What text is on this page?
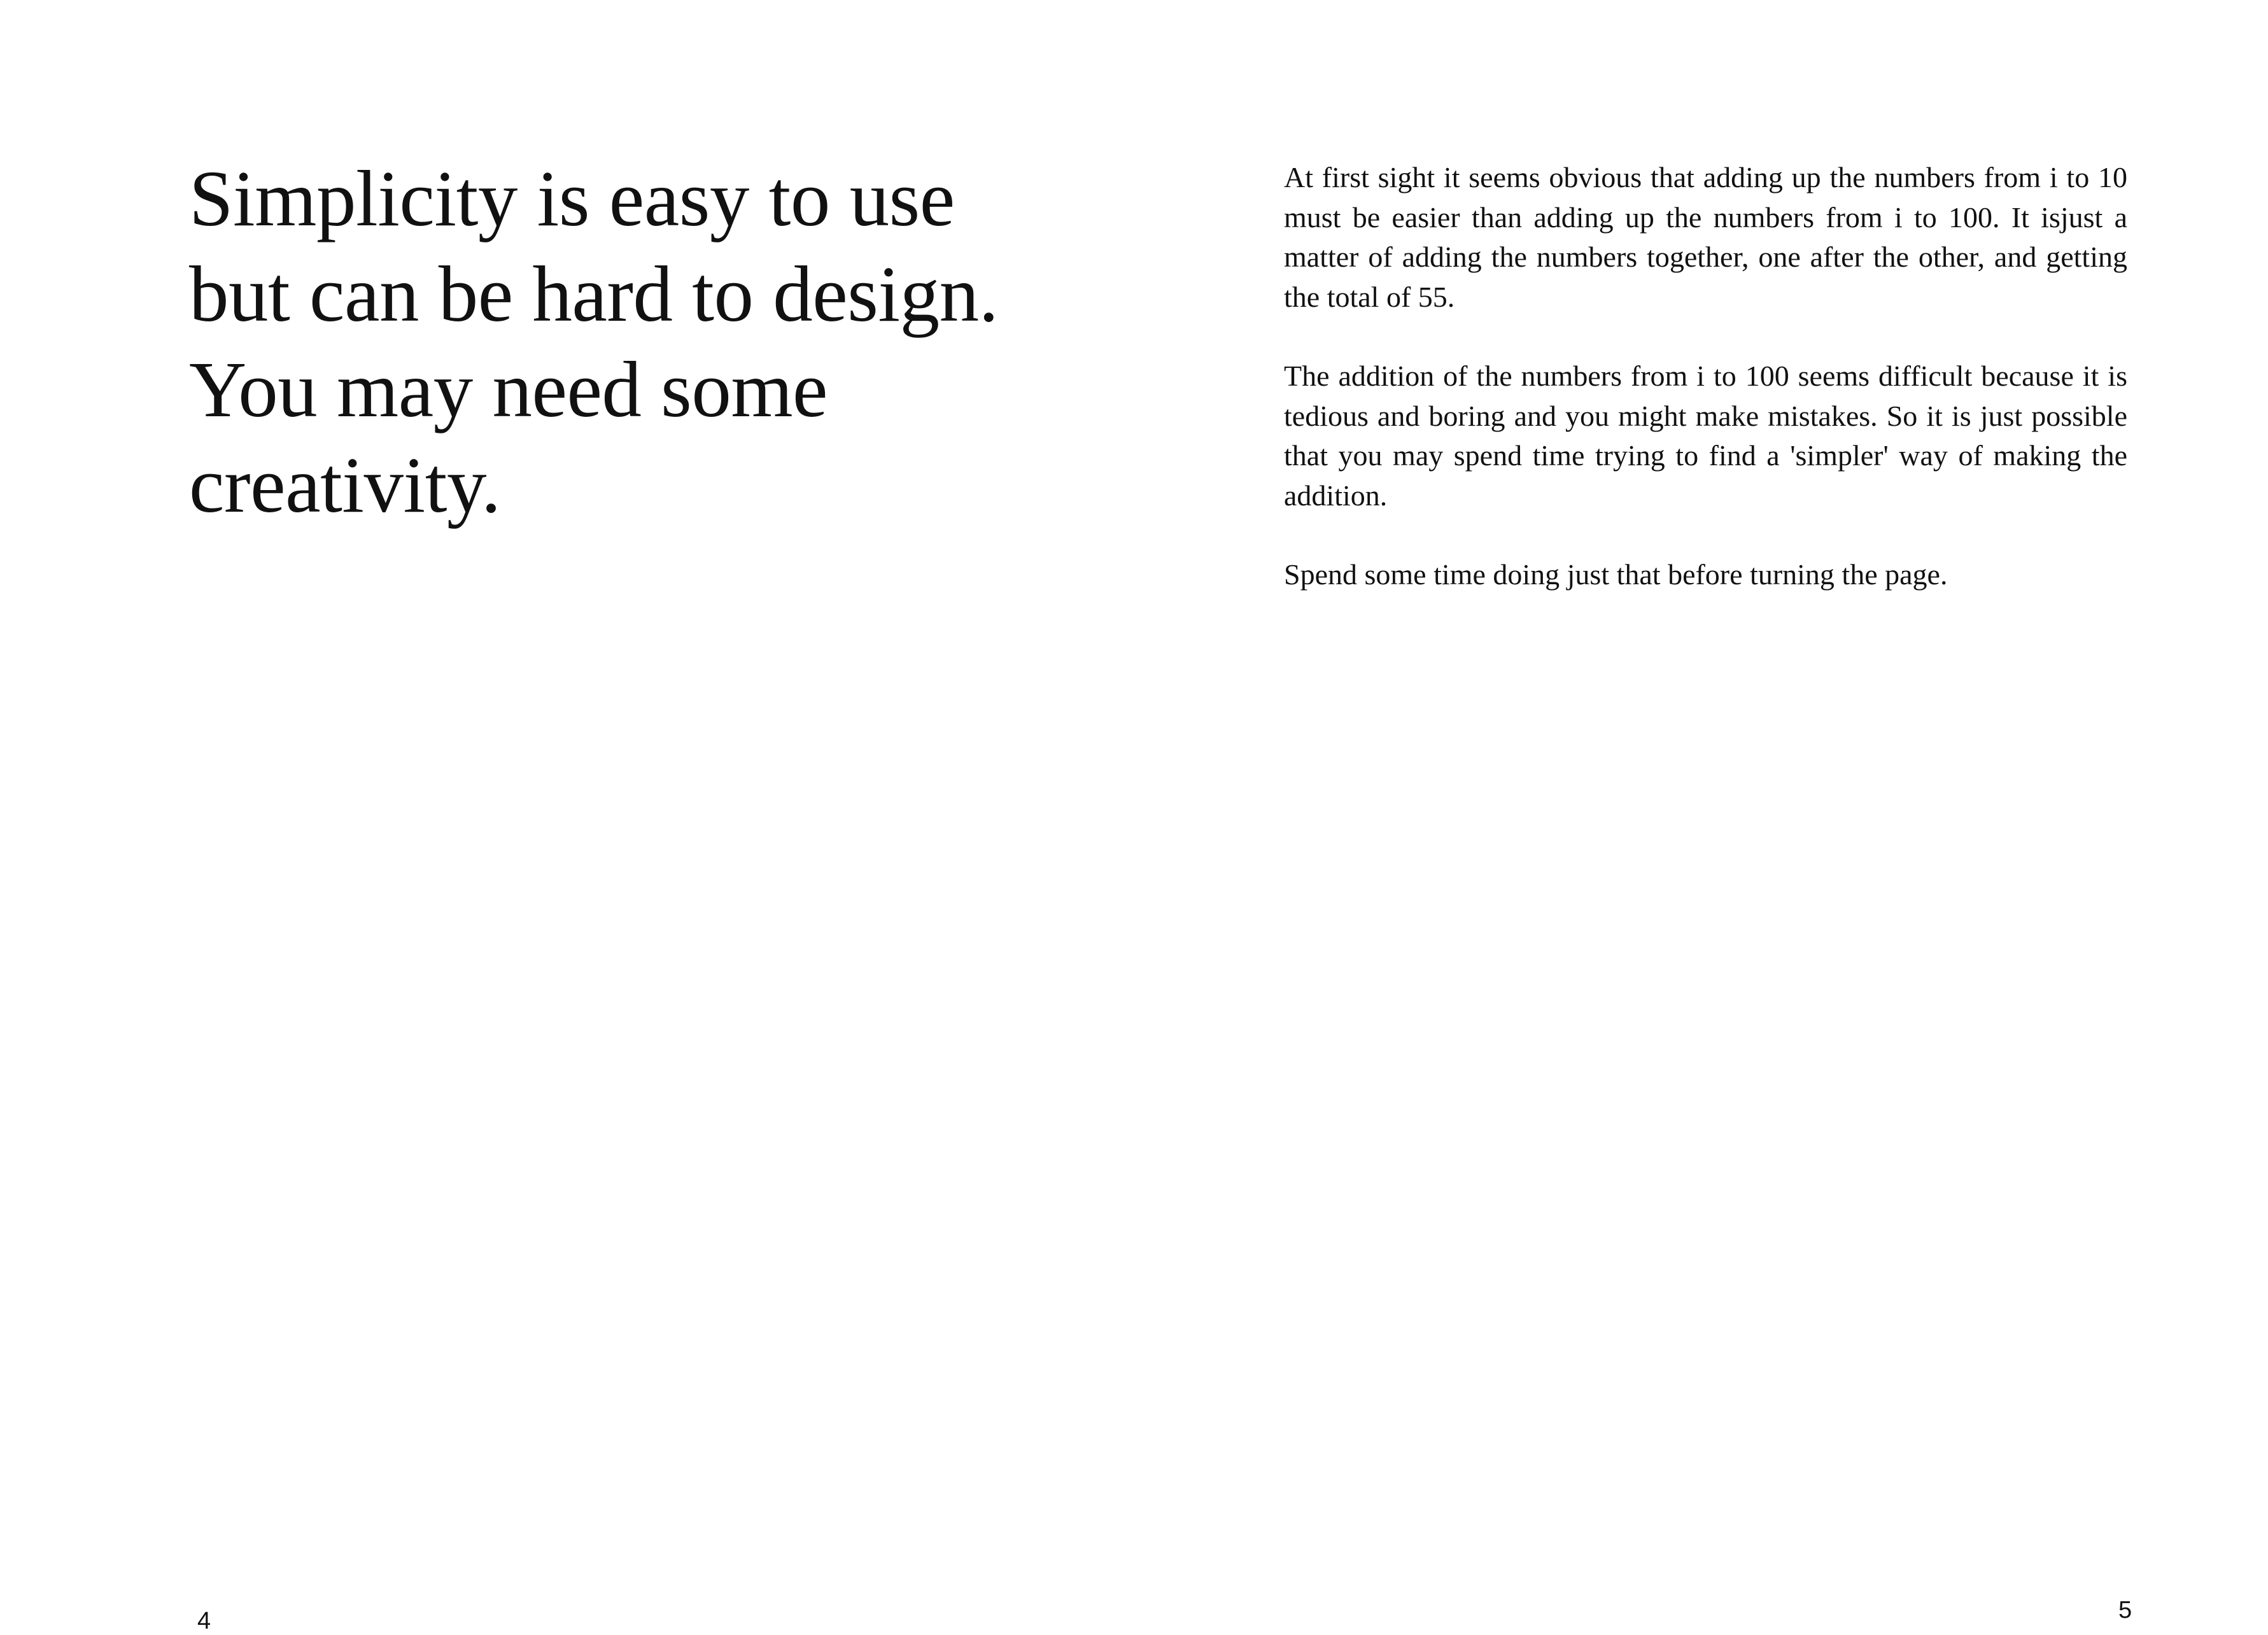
Simplicity is easy to use
but can be hard to design.
You may need some
creativity.
4

At first sight it seems obvious that adding up the numbers from i to 10 must be easier than adding up the numbers from i to 100. It isjust a matter of adding the numbers together, one after the other, and getting the total of 55.

The addition of the numbers from i to 100 seems difficult because it is tedious and boring and you might make mistakes. So it is just possible that you may spend time trying to find a 'simpler' way of making the addition.

Spend some time doing just that before turning the page.

5
